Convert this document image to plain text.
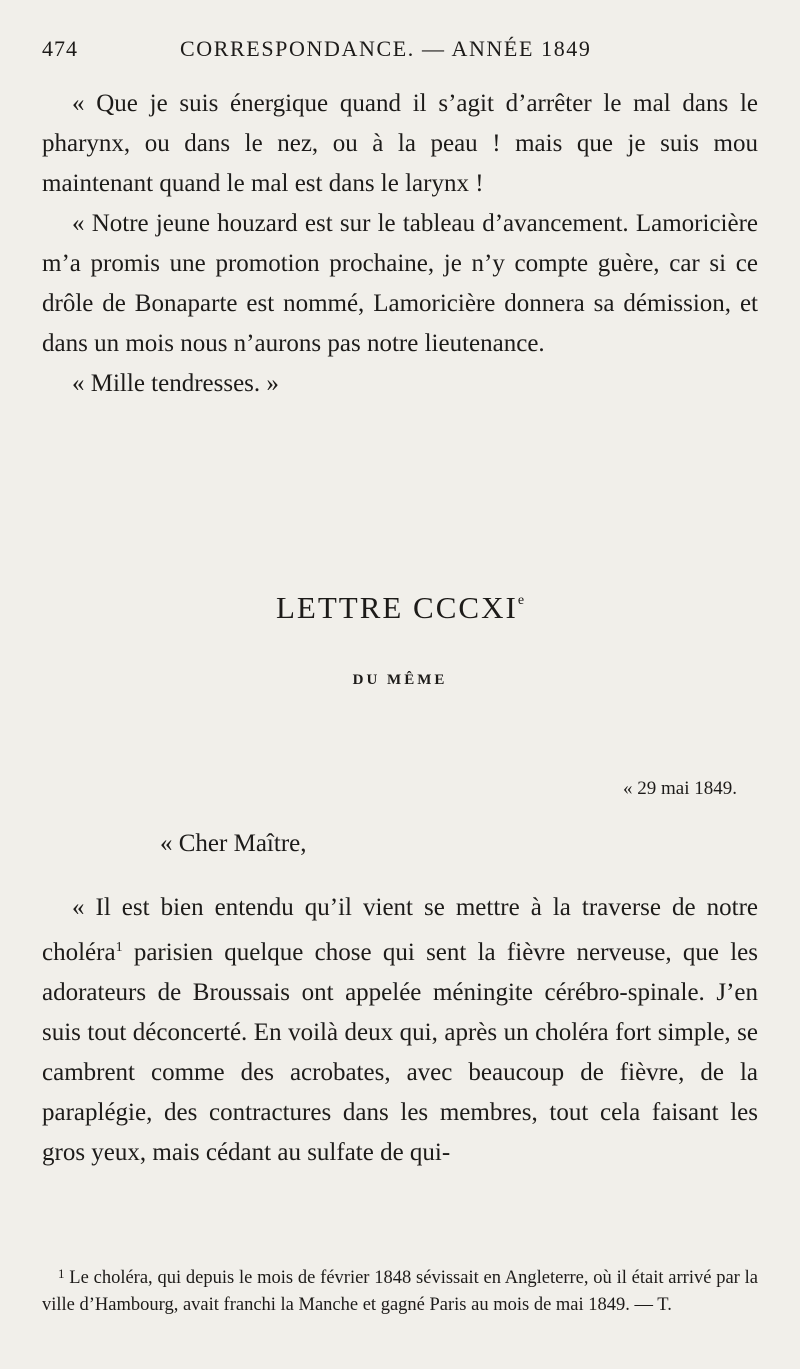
474	CORRESPONDANCE. — ANNÉE 1849

« Que je suis énergique quand il s’agit d’arrêter le mal dans le pharynx, ou dans le nez, ou à la peau ! mais que je suis mou maintenant quand le mal est dans le larynx !

« Notre jeune houzard est sur le tableau d’avancement. Lamoricière m’a promis une promotion prochaine, je n’y compte guère, car si ce drôle de Bonaparte est nommé, Lamoricière donnera sa démission, et dans un mois nous n’aurons pas notre lieutenance.

« Mille tendresses. »

LETTRE CCCXIe
DU MÊME
« 29 mai 1849.
« Cher Maître,

« Il est bien entendu qu’il vient se mettre à la traverse de notre choléra$^1$ parisien quelque chose qui sent la fièvre nerveuse, que les adorateurs de Broussais ont appelée méningite cérébro-spinale. J’en suis tout déconcerté. En voilà deux qui, après un choléra fort simple, se cambrent comme des acrobates, avec beaucoup de fièvre, de la paraplégie, des contractures dans les membres, tout cela faisant les gros yeux, mais cédant au sulfate de qui-

$^1$ Le choléra, qui depuis le mois de février 1848 sévissait en Angleterre, où il était arrivé par la ville d’Hambourg, avait franchi la Manche et gagné Paris au mois de mai 1849. — T.
